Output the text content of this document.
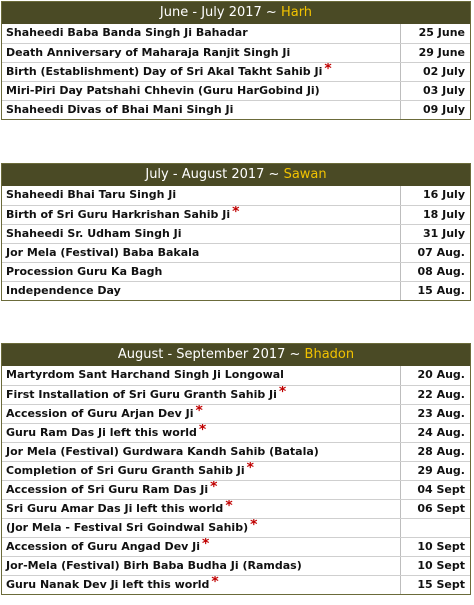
June - July 2017 ~ Harh
Shaheedi Baba Banda Singh Ji Bahadar	25 June
Death Anniversary of Maharaja Ranjit Singh Ji	29 June
Birth (Establishment) Day of Sri Akal Takht Sahib Ji *	02 July
Miri-Piri Day Patshahi Chhevin (Guru HarGobind Ji)	03 July
Shaheedi Divas of Bhai Mani Singh Ji	09 July
July - August 2017 ~ Sawan
Shaheedi Bhai Taru Singh Ji	16 July
Birth of Sri Guru Harkrishan Sahib Ji *	18 July
Shaheedi Sr. Udham Singh Ji	31 July
Jor Mela (Festival) Baba Bakala	07 Aug.
Procession Guru Ka Bagh	08 Aug.
Independence Day	15 Aug.
August - September 2017 ~ Bhadon
Martyrdom Sant Harchand Singh Ji Longowal	20 Aug.
First Installation of Sri Guru Granth Sahib Ji *	22 Aug.
Accession of Guru Arjan Dev Ji *	23 Aug.
Guru Ram Das Ji left this world *	24 Aug.
Jor Mela (Festival) Gurdwara Kandh Sahib (Batala)	28 Aug.
Completion of Sri Guru Granth Sahib Ji *	29 Aug.
Accession of Sri Guru Ram Das Ji *	04 Sept
Sri Guru Amar Das Ji left this world *	06 Sept
(Jor Mela - Festival Sri Goindwal Sahib) *
Accession of Guru Angad Dev Ji *	10 Sept
Jor-Mela (Festival) Birh Baba Budha Ji (Ramdas)	10 Sept
Guru Nanak Dev Ji left this world *	15 Sept
